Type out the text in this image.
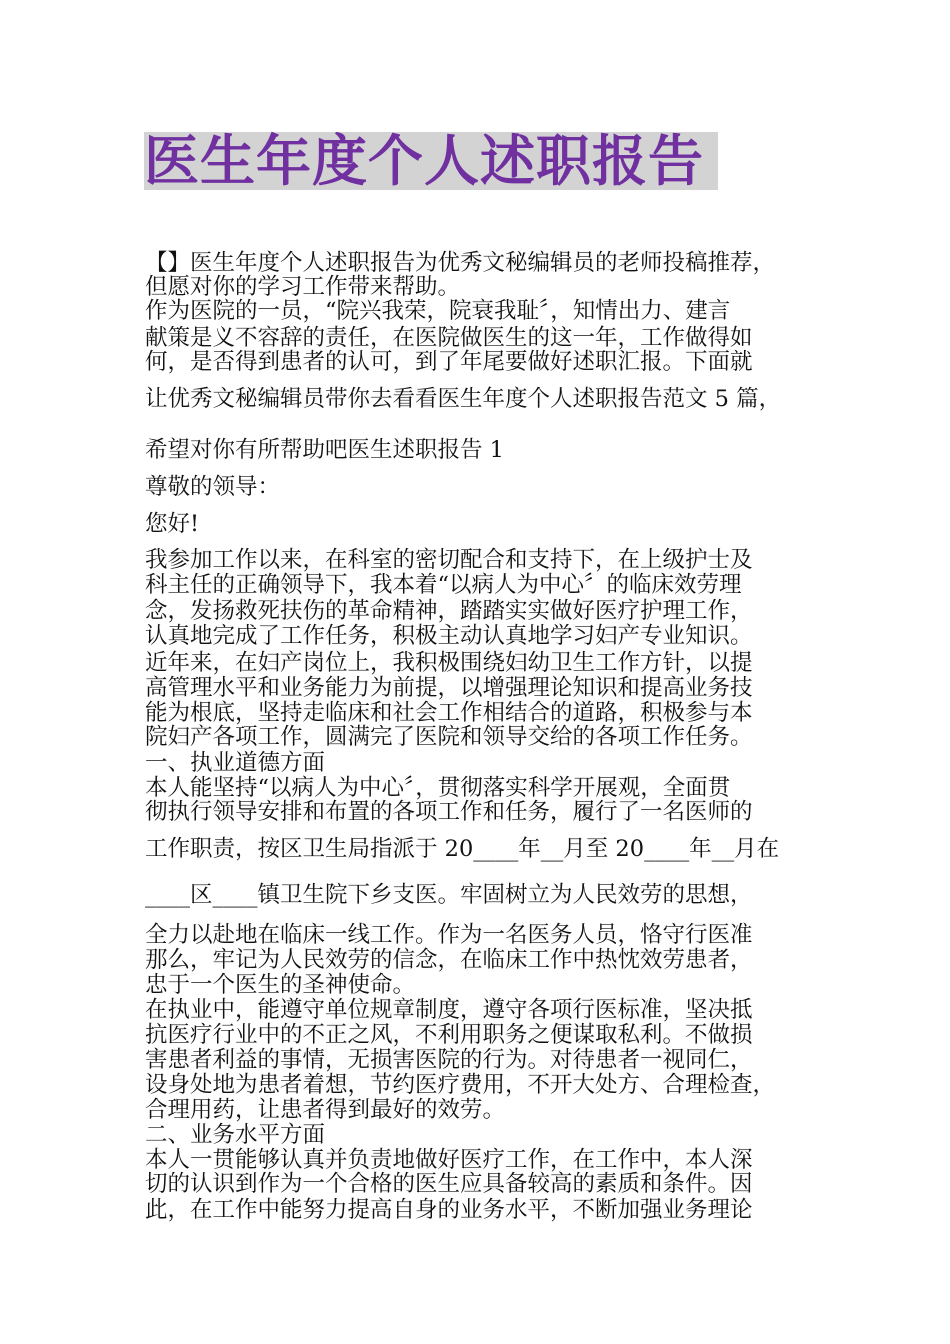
医生年度个人述职报告
【】医生年度个人述职报告为优秀文秘编辑员的老师投稿推荐，
但愿对你的学习工作带来帮助。
作为医院的一员，“院兴我荣，院衰我耻〞，知情出力、建言
献策是义不容辞的责任，在医院做医生的这一年，工作做得如
何，是否得到患者的认可，到了年尾要做好述职汇报。下面就
让优秀文秘编辑员带你去看看医生年度个人述职报告范文 5 篇，
希望对你有所帮助吧医生述职报告 1
尊敬的领导：
您好!
我参加工作以来，在科室的密切配合和支持下，在上级护士及
科主任的正确领导下，我本着“以病人为中心〞的临床效劳理
念，发扬救死扶伤的革命精神，踏踏实实做好医疗护理工作，
认真地完成了工作任务，积极主动认真地学习妇产专业知识。
近年来，在妇产岗位上，我积极围绕妇幼卫生工作方针，以提
高管理水平和业务能力为前提，以增强理论知识和提高业务技
能为根底，坚持走临床和社会工作相结合的道路，积极参与本
院妇产各项工作，圆满完了医院和领导交给的各项工作任务。
一、执业道德方面
本人能坚持“以病人为中心〞，贯彻落实科学开展观，全面贯
彻执行领导安排和布置的各项工作和任务，履行了一名医师的
工作职责，按区卫生局指派于 20____年__月至 20____年__月在
____区____镇卫生院下乡支医。牢固树立为人民效劳的思想，
全力以赴地在临床一线工作。作为一名医务人员，恪守行医准
那么，牢记为人民效劳的信念，在临床工作中热忱效劳患者，
忠于一个医生的圣神使命。
在执业中，能遵守单位规章制度，遵守各项行医标准，坚决抵
抗医疗行业中的不正之风，不利用职务之便谋取私利。不做损
害患者利益的事情，无损害医院的行为。对待患者一视同仁，
设身处地为患者着想，节约医疗费用，不开大处方、合理检查，
合理用药，让患者得到最好的效劳。
二、业务水平方面
本人一贯能够认真并负责地做好医疗工作，在工作中，本人深
切的认识到作为一个合格的医生应具备较高的素质和条件。因
此，在工作中能努力提高自身的业务水平，不断加强业务理论
